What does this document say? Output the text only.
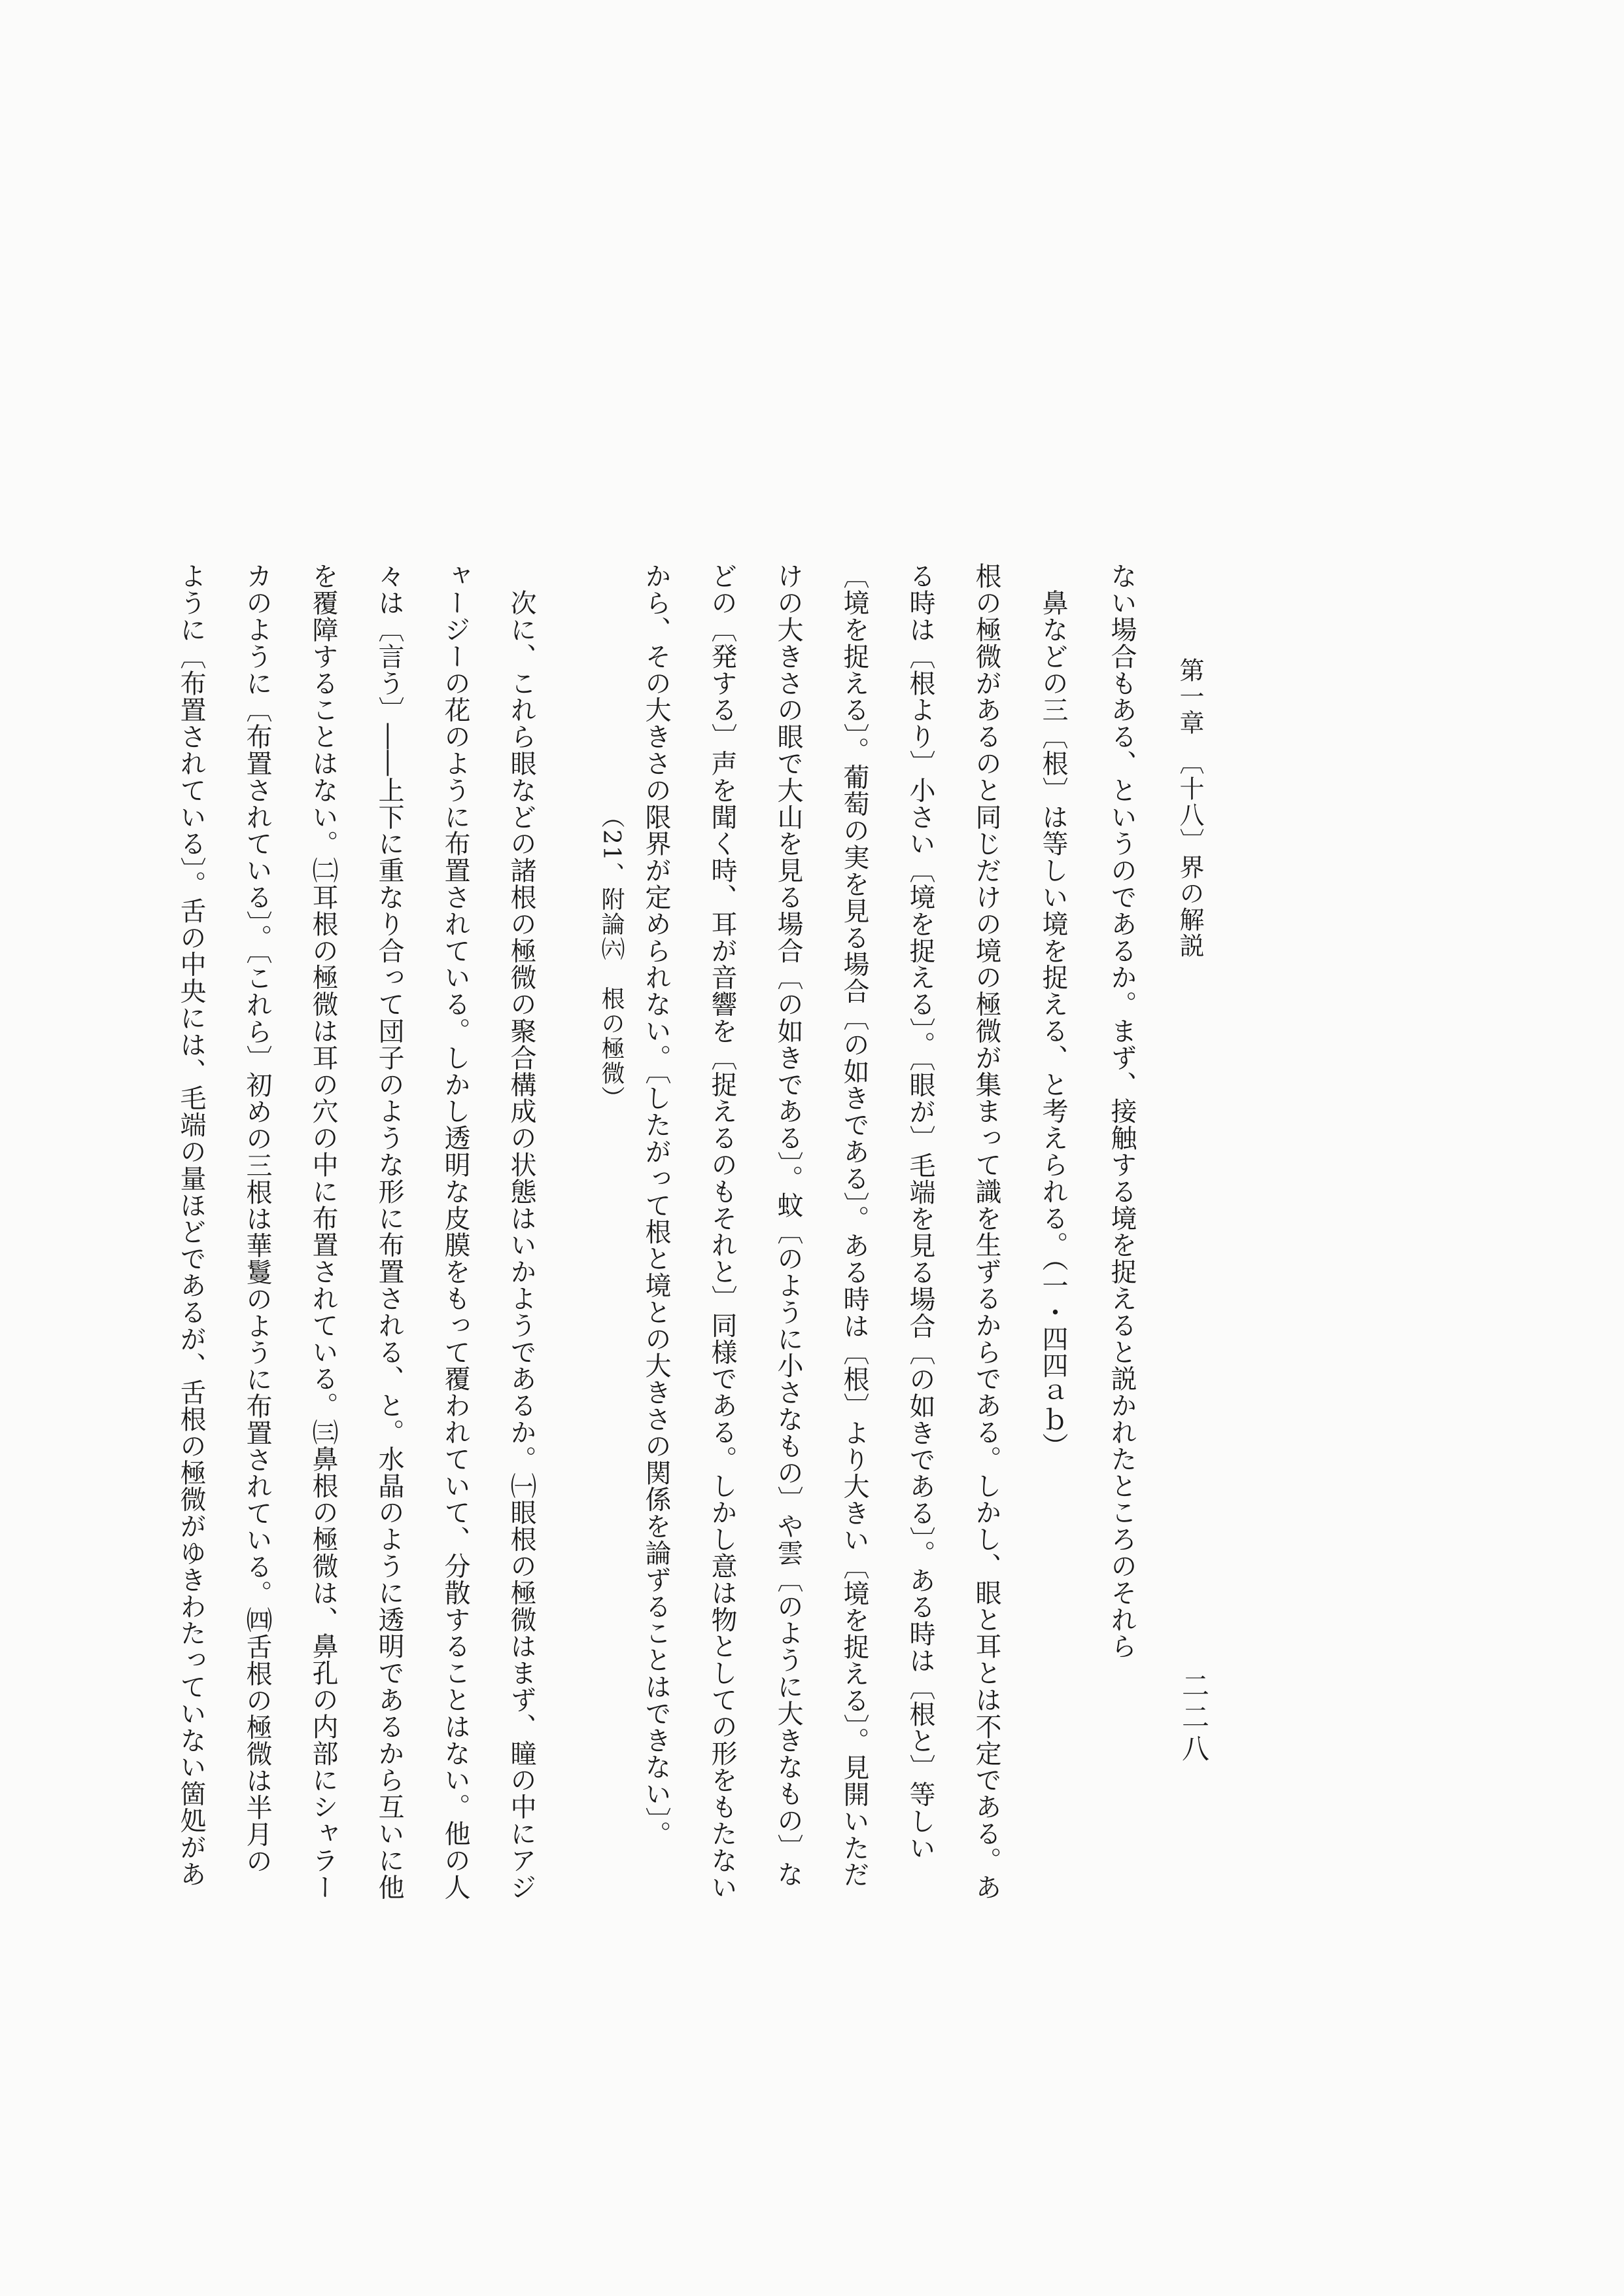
第一章　〔十八〕界の解説
二二八
ない場合もある、というのであるか。まず、接触する境を捉えると説かれたところのそれら
　鼻などの三〔根〕は等しい境を捉える、と考えられる。（一・四四ａｂ）
根の極微があるのと同じだけの境の極微が集まって識を生ずるからである。しかし、眼と耳とは不定である。あ
る時は〔根より〕小さい〔境を捉える〕。〔眼が〕毛端を見る場合〔の如きである〕。ある時は〔根と〕等しい
〔境を捉える〕。葡萄の実を見る場合〔の如きである〕。ある時は〔根〕より大きい〔境を捉える〕。見開いただ
けの大きさの眼で大山を見る場合〔の如きである〕。蚊〔のように小さなもの〕や雲〔のように大きなもの〕な
どの〔発する〕声を聞く時、耳が音響を〔捉えるのもそれと〕同様である。しかし意は物としての形をもたない
から、その大きさの限界が定められない。〔したがって根と境との大きさの関係を論ずることはできない〕。
（21、附論㈥　根の極微）
　次に、これら眼などの諸根の極微の聚合構成の状態はいかようであるか。㈠眼根の極微はまず、瞳の中にアジ
ャージーの花のように布置されている。しかし透明な皮膜をもって覆われていて、分散することはない。他の人
々は〔言う〕――上下に重なり合って団子のような形に布置される、と。水晶のように透明であるから互いに他
を覆障することはない。㈡耳根の極微は耳の穴の中に布置されている。㈢鼻根の極微は、鼻孔の内部にシャラー
カのように〔布置されている〕。〔これら〕初めの三根は華鬘のように布置されている。㈣舌根の極微は半月の
ように〔布置されている〕。舌の中央には、毛端の量ほどであるが、舌根の極微がゆきわたっていない箇処があ
